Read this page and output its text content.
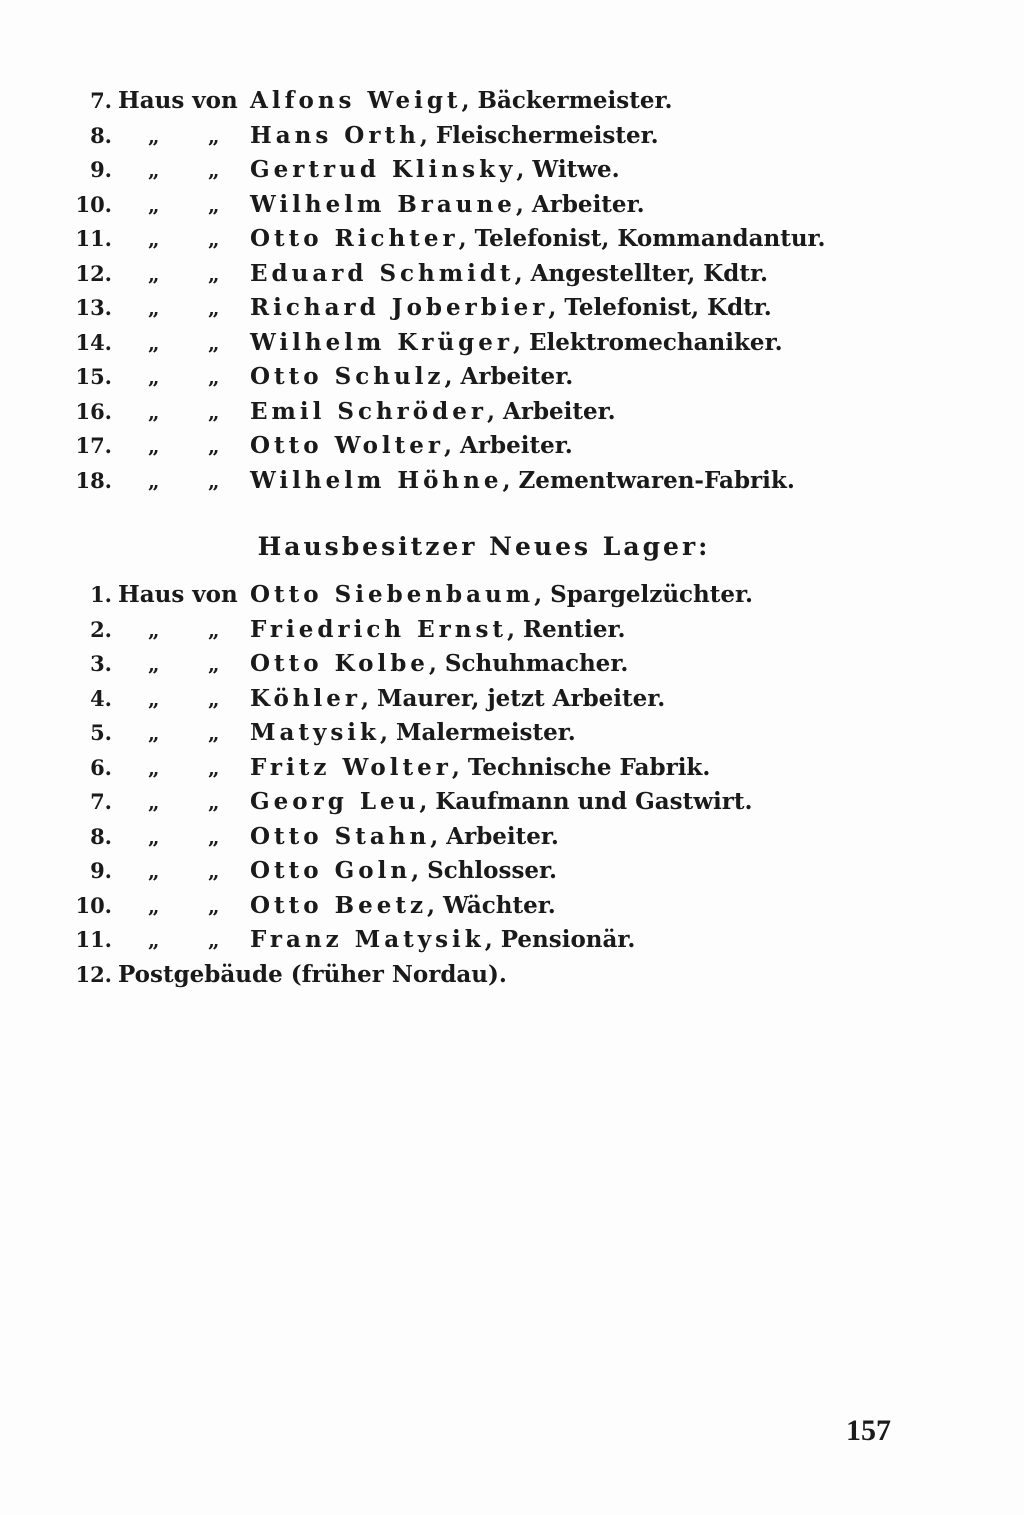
7. Haus von Alfons Weigt, Bäckermeister.
8. „ „ Hans Orth, Fleischermeister.
9. „ „ Gertrud Klinsky, Witwe.
10. „ „ Wilhelm Braune, Arbeiter.
11. „ „ Otto Richter, Telefonist, Kommandantur.
12. „ „ Eduard Schmidt, Angestellter, Kdtr.
13. „ „ Richard Joberbier, Telefonist, Kdtr.
14. „ „ Wilhelm Krüger, Elektromechaniker.
15. „ „ Otto Schulz, Arbeiter.
16. „ „ Emil Schröder, Arbeiter.
17. „ „ Otto Wolter, Arbeiter.
18. „ „ Wilhelm Höhne, Zementwaren-Fabrik.
Hausbesitzer Neues Lager:
1. Haus von Otto Siebenbaum, Spargelzüchter.
2. „ „ Friedrich Ernst, Rentier.
3. „ „ Otto Kolbe, Schuhmacher.
4. „ „ Köhler, Maurer, jetzt Arbeiter.
5. „ „ Matysik, Malermeister.
6. „ „ Fritz Wolter, Technische Fabrik.
7. „ „ Georg Leu, Kaufmann und Gastwirt.
8. „ „ Otto Stahn, Arbeiter.
9. „ „ Otto Goln, Schlosser.
10. „ „ Otto Beetz, Wächter.
11. „ „ Franz Matysik, Pensionär.
12. Postgebäude (früher Nordau).
157
